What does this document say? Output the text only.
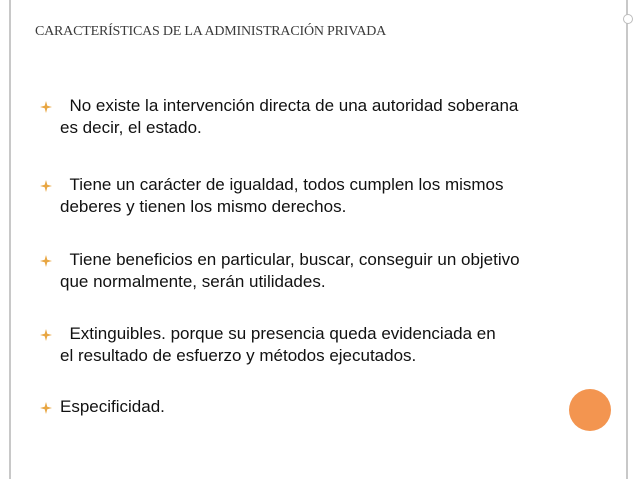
CARACTERÍSTICAS DE LA ADMINISTRACIÓN PRIVADA
No existe la intervención directa de una autoridad soberana
es decir, el estado.
Tiene un carácter de igualdad, todos cumplen los mismos
deberes y tienen los mismo derechos.
Tiene beneficios en particular, buscar, conseguir un objetivo
que normalmente, serán utilidades.
Extinguibles. porque su presencia queda evidenciada en
el resultado de esfuerzo y métodos ejecutados.
Especificidad.
